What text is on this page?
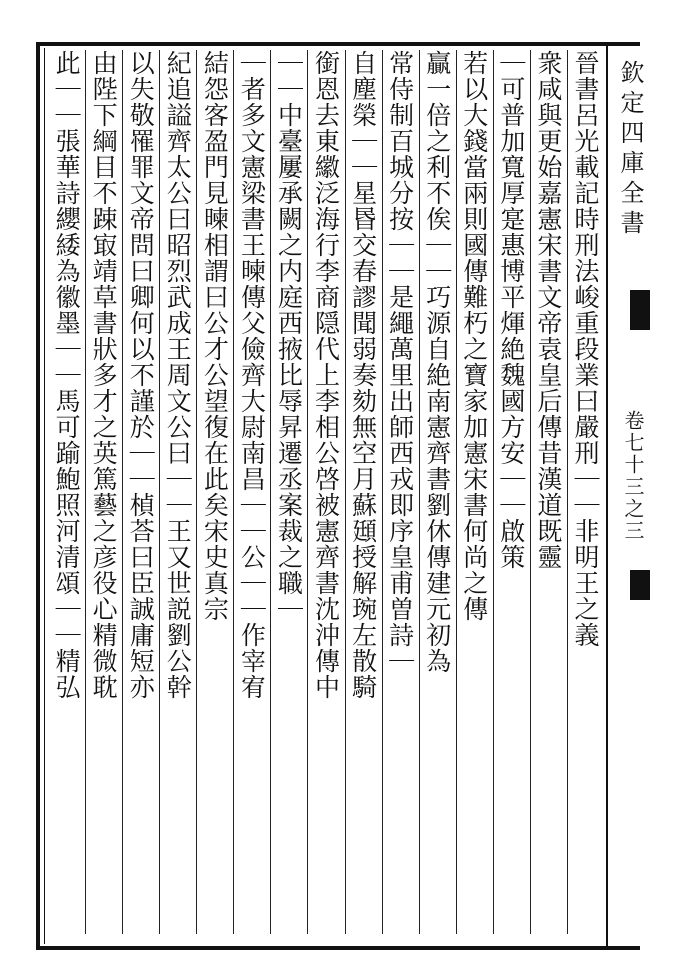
欽定四庫全書
卷七十三之三
晉書呂光載記時刑法峻重段業曰嚴刑｜｜非明王之義
衆咸與更始嘉憲宋書文帝袁皇后傳昔漢道既靈
｜可普加寬厚寔惠博平煇絶魏國方安｜｜啟策
若以大錢當兩則國傳難朽之寶家加憲宋書何尚之傳
贏一倍之利不俟｜｜巧源自絶南憲齊書劉休傳建元初為
常侍制百城分按｜｜是繩萬里出師西戎即序皇甫曽詩｜
自塵榮｜｜星昬交春謬聞弱奏劾無空月蘇頲授解琬左散騎
銜恩去東𦆮泛海行李商隠代上李相公啓被憲齊書沈沖傳中
｜｜中臺屢承闕之内庭西掖比辱昇遷丞案裁之職｜
｜者多文憲梁書王暕傳父儉齊大尉南昌｜｜公｜｜作宰宥
結怨客盈門見暕相謂曰公才公望復在此矣宋史真宗
紀追謚齊太公曰昭烈武成王周文公曰｜｜王又世説劉公幹
以失敬罹罪文帝問曰卿何以不謹於｜｜楨荅曰臣誠庸短亦
由陛下綱目不踈㝡靖草書狀多才之英篤藝之彦役心精微耽
此｜｜張華詩纓緌為徽墨｜｜馬可踰鮑照河清頌｜｜精弘
